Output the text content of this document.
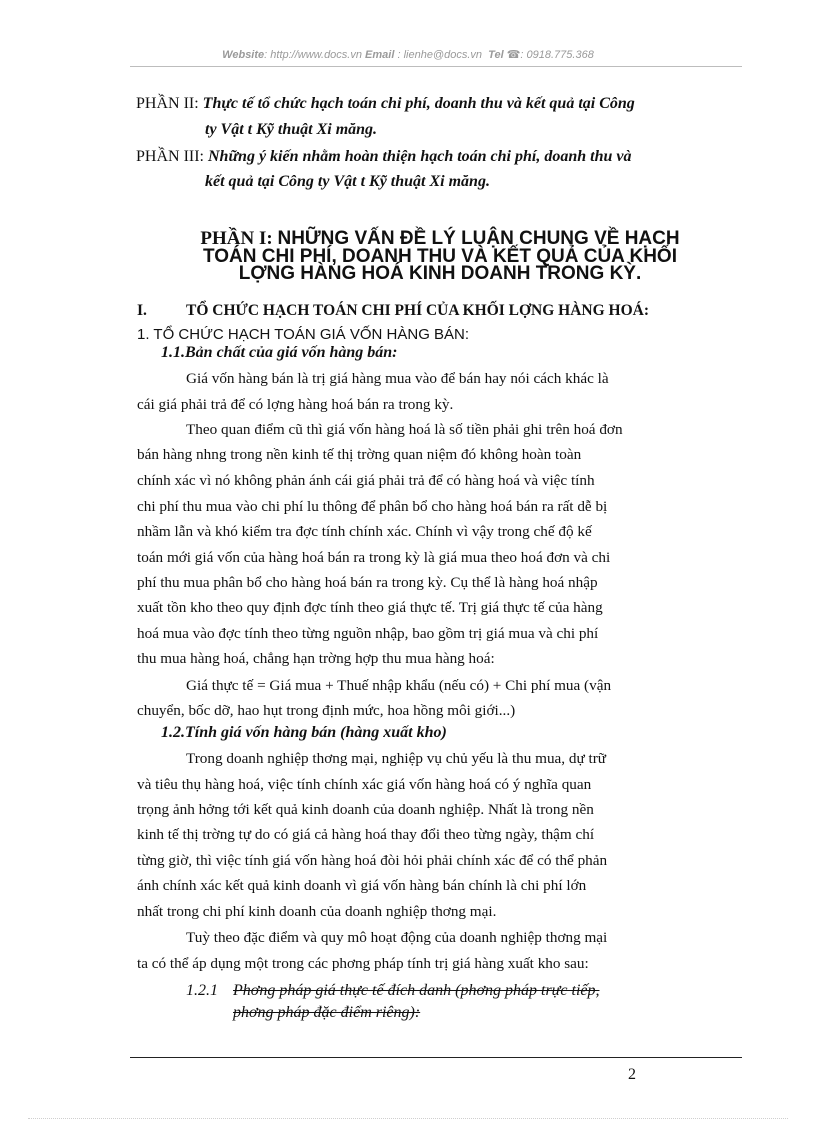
Website: http://www.docs.vn Email : lienhe@docs.vn Tel ☎: 0918.775.368
PHẦN II: Thực tế tổ chức hạch toán chi phí, doanh thu và kết quả tại Công
ty Vật t Kỹ thuật Xi măng.
PHẦN III: Những ý kiến nhằm hoàn thiện hạch toán chi phí, doanh thu và
kết quả tại Công ty Vật t Kỹ thuật Xi măng.
PHẦN I: NHỮNG VẤN ĐỀ LÝ LUẬN CHUNG VỀ HẠCH
TOÁN CHI PHÍ, DOANH THU VÀ KẾT QUẢ CỦA KHỐI
LỢNG HÀNG HOÁ KINH DOANH TRONG KỲ.
I.	TỔ CHỨC HẠCH TOÁN CHI PHÍ CỦA KHỐI LỢNG HÀNG HOÁ:
1. TỔ CHỨC HẠCH TOÁN GIÁ VỐN HÀNG BÁN:
1.1.Bản chất của giá vốn hàng bán:
Giá vốn hàng bán là trị giá hàng mua vào để bán hay nói cách khác là
cái giá phải trả để có lợng hàng hoá bán ra trong kỳ.
Theo quan điểm cũ thì giá vốn hàng hoá là số tiền phải ghi trên hoá đơn
bán hàng nhng trong nền kinh tế thị trờng quan niệm đó không hoàn toàn
chính xác vì nó không phản ánh cái giá phải trả để có hàng hoá và việc tính
chi phí thu mua vào chi phí lu thông để phân bổ cho hàng hoá bán ra rất dễ bị
nhầm lẫn và khó kiểm tra đợc tính chính xác. Chính vì vậy trong chế độ kế
toán mới giá vốn của hàng hoá bán ra trong kỳ là giá mua theo hoá đơn và chi
phí thu mua phân bổ cho hàng hoá bán ra trong kỳ. Cụ thể là hàng hoá nhập
xuất tồn kho theo quy định đợc tính theo giá thực tế. Trị giá thực tế của hàng
hoá mua vào đợc tính theo từng nguồn nhập, bao gồm trị giá mua và chi phí
thu mua hàng hoá, chẳng hạn trờng hợp thu mua hàng hoá:
Giá thực tế = Giá mua + Thuế nhập khẩu (nếu có) + Chi phí mua (vận
chuyển, bốc dỡ, hao hụt trong định mức, hoa hồng môi giới...)
1.2.Tính giá vốn hàng bán (hàng xuất kho)
Trong doanh nghiệp thơng mại, nghiệp vụ chủ yếu là thu mua, dự trữ
và tiêu thụ hàng hoá, việc tính chính xác giá vốn hàng hoá có ý nghĩa quan
trọng ảnh hởng tới kết quả kinh doanh của doanh nghiệp. Nhất là trong nền
kinh tế thị trờng tự do có giá cả hàng hoá thay đổi theo từng ngày, thậm chí
từng giờ, thì việc tính giá vốn hàng hoá đòi hỏi phải chính xác để có thể phản
ánh chính xác kết quả kinh doanh vì giá vốn hàng bán chính là chi phí lớn
nhất trong chi phí kinh doanh của doanh nghiệp thơng mại.
Tuỳ theo đặc điểm và quy mô hoạt động của doanh nghiệp thơng mại
ta có thể áp dụng một trong các phơng pháp tính trị giá hàng xuất kho sau:
1.2.1 Phơng pháp giá thực tế đích danh (phơng pháp trực tiếp,
phơng pháp đặc điểm riêng):
2
